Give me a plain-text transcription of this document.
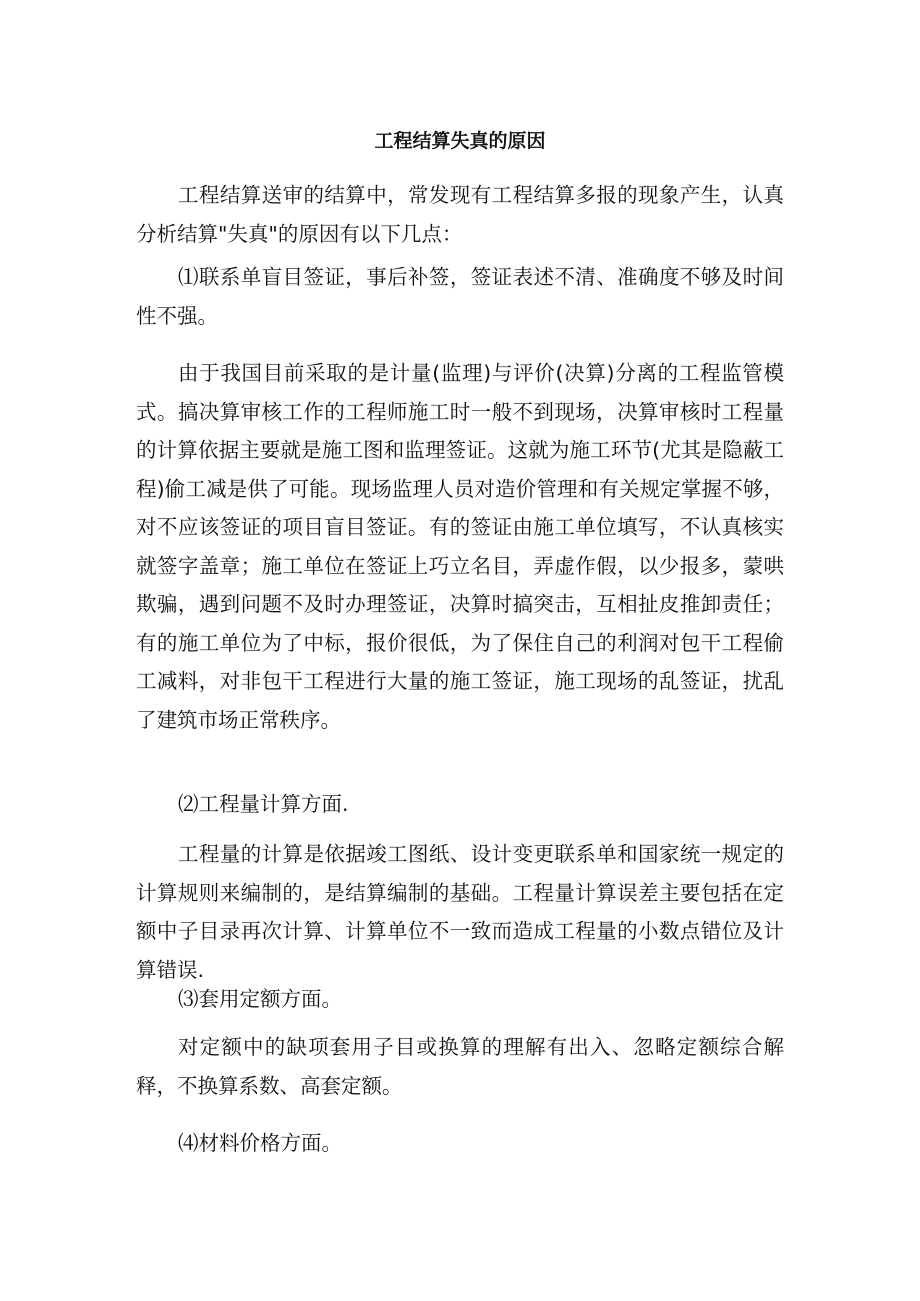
工程结算失真的原因

工程结算送审的结算中，常发现有工程结算多报的现象产生，认真分析结算"失真"的原因有以下几点：

⑴联系单盲目签证，事后补签，签证表述不清、准确度不够及时间性不强。

由于我国目前采取的是计量(监理)与评价(决算)分离的工程监管模式。搞决算审核工作的工程师施工时一般不到现场，决算审核时工程量的计算依据主要就是施工图和监理签证。这就为施工环节(尤其是隐蔽工程)偷工减是供了可能。现场监理人员对造价管理和有关规定掌握不够，对不应该签证的项目盲目签证。有的签证由施工单位填写，不认真核实就签字盖章；施工单位在签证上巧立名目，弄虚作假，以少报多，蒙哄欺骗，遇到问题不及时办理签证，决算时搞突击，互相扯皮推卸责任；有的施工单位为了中标，报价很低，为了保住自己的利润对包干工程偷工减料，对非包干工程进行大量的施工签证，施工现场的乱签证，扰乱了建筑市场正常秩序。

⑵工程量计算方面.

工程量的计算是依据竣工图纸、设计变更联系单和国家统一规定的计算规则来编制的，是结算编制的基础。工程量计算误差主要包括在定额中子目录再次计算、计算单位不一致而造成工程量的小数点错位及计算错误.

⑶套用定额方面。

对定额中的缺项套用子目或换算的理解有出入、忽略定额综合解释，不换算系数、高套定额。

⑷材料价格方面。
